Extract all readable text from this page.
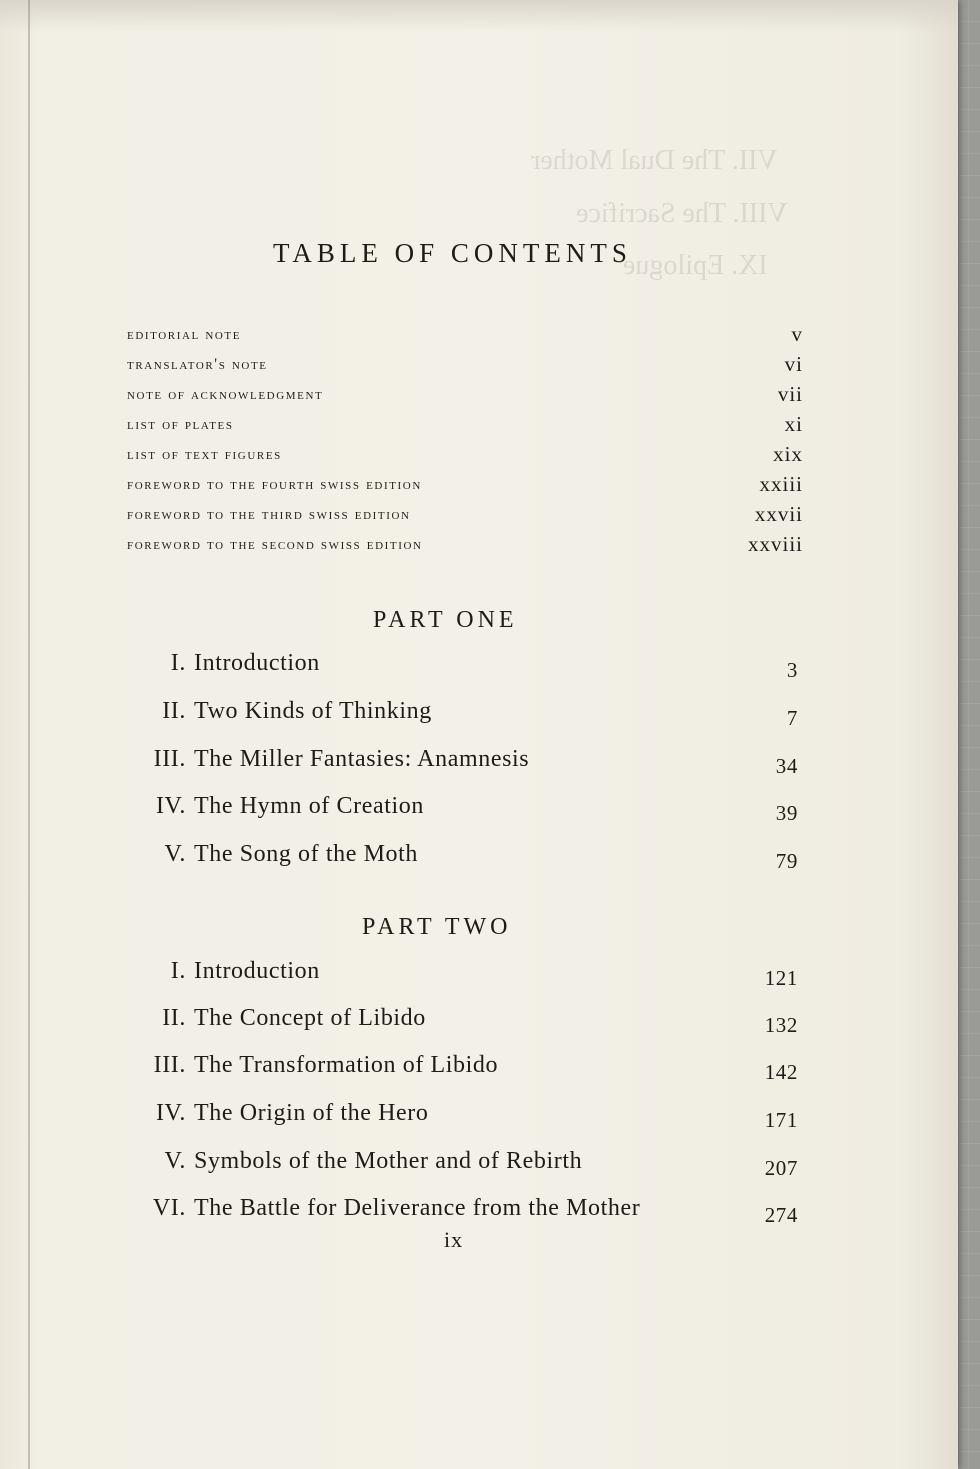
VII. The Dual Mother
VIII. The Sacrifice
IX. Epilogue
TABLE OF CONTENTS
editorial note	v
translator's note	vi
note of acknowledgment	vii
list of plates	xi
list of text figures	xix
foreword to the fourth swiss edition	xxiii
foreword to the third swiss edition	xxvii
foreword to the second swiss edition	xxviii
PART ONE
I. Introduction	3
II. Two Kinds of Thinking	7
III. The Miller Fantasies: Anamnesis	34
IV. The Hymn of Creation	39
V. The Song of the Moth	79
PART TWO
I. Introduction	121
II. The Concept of Libido	132
III. The Transformation of Libido	142
IV. The Origin of the Hero	171
V. Symbols of the Mother and of Rebirth	207
VI. The Battle for Deliverance from the Mother	274
ix
